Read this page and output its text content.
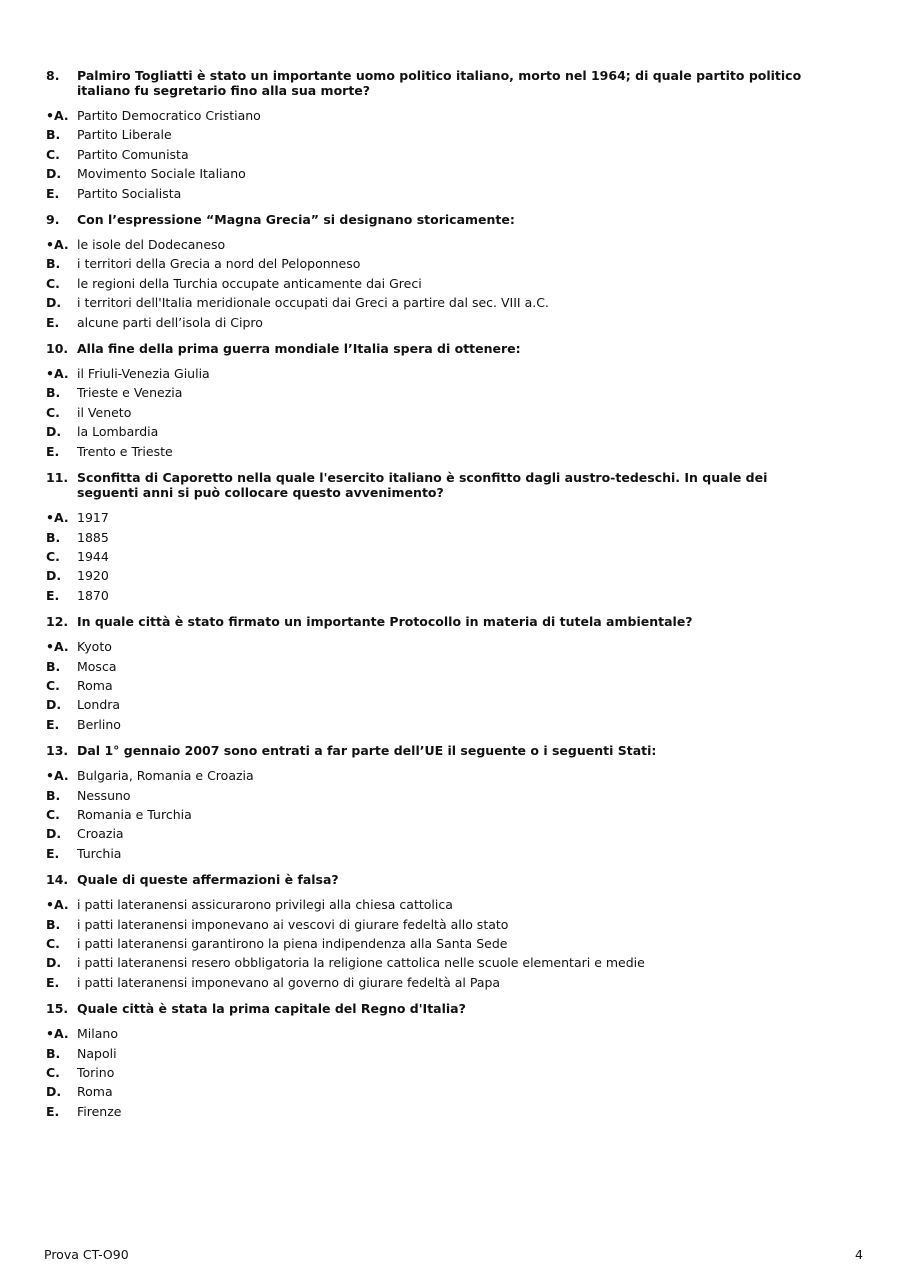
8.	Palmiro Togliatti è stato un importante uomo politico italiano, morto nel 1964; di quale partito politico italiano fu segretario fino alla sua morte?
•A. Partito Democratico Cristiano
B.	Partito Liberale
C.	Partito Comunista
D.	Movimento Sociale Italiano
E.	Partito Socialista
9.	Con l’espressione “Magna Grecia” si designano storicamente:
•A. le isole del Dodecaneso
B.	i territori della Grecia a nord del Peloponneso
C.	le regioni della Turchia occupate anticamente dai Greci
D.	i territori dell'Italia meridionale occupati dai Greci a partire dal sec. VIII a.C.
E.	alcune parti dell’isola di Cipro
10. Alla fine della prima guerra mondiale l’Italia spera di ottenere:
•A. il Friuli-Venezia Giulia
B.	Trieste e Venezia
C.	il Veneto
D.	la Lombardia
E.	Trento e Trieste
11. Sconfitta di Caporetto nella quale l'esercito italiano è sconfitto dagli austro-tedeschi. In quale dei seguenti anni si può collocare questo avvenimento?
•A. 1917
B.	1885
C.	1944
D.	1920
E.	1870
12. In quale città è stato firmato un importante Protocollo in materia di tutela ambientale?
•A. Kyoto
B.	Mosca
C.	Roma
D.	Londra
E.	Berlino
13. Dal 1° gennaio 2007 sono entrati a far parte dell’UE il seguente o i seguenti Stati:
•A. Bulgaria, Romania e Croazia
B.	Nessuno
C.	Romania e Turchia
D.	Croazia
E.	Turchia
14. Quale di queste affermazioni è falsa?
•A. i patti lateranensi assicurarono privilegi alla chiesa cattolica
B.	i patti lateranensi imponevano ai vescovi di giurare fedeltà allo stato
C.	i patti lateranensi garantirono la piena indipendenza alla Santa Sede
D.	i patti lateranensi resero obbligatoria la religione cattolica nelle scuole elementari e medie
E.	i patti lateranensi imponevano al governo di giurare fedeltà al Papa
15. Quale città è stata la prima capitale del Regno d'Italia?
•A. Milano
B.	Napoli
C.	Torino
D.	Roma
E.	Firenze
Prova CT-O90	4
